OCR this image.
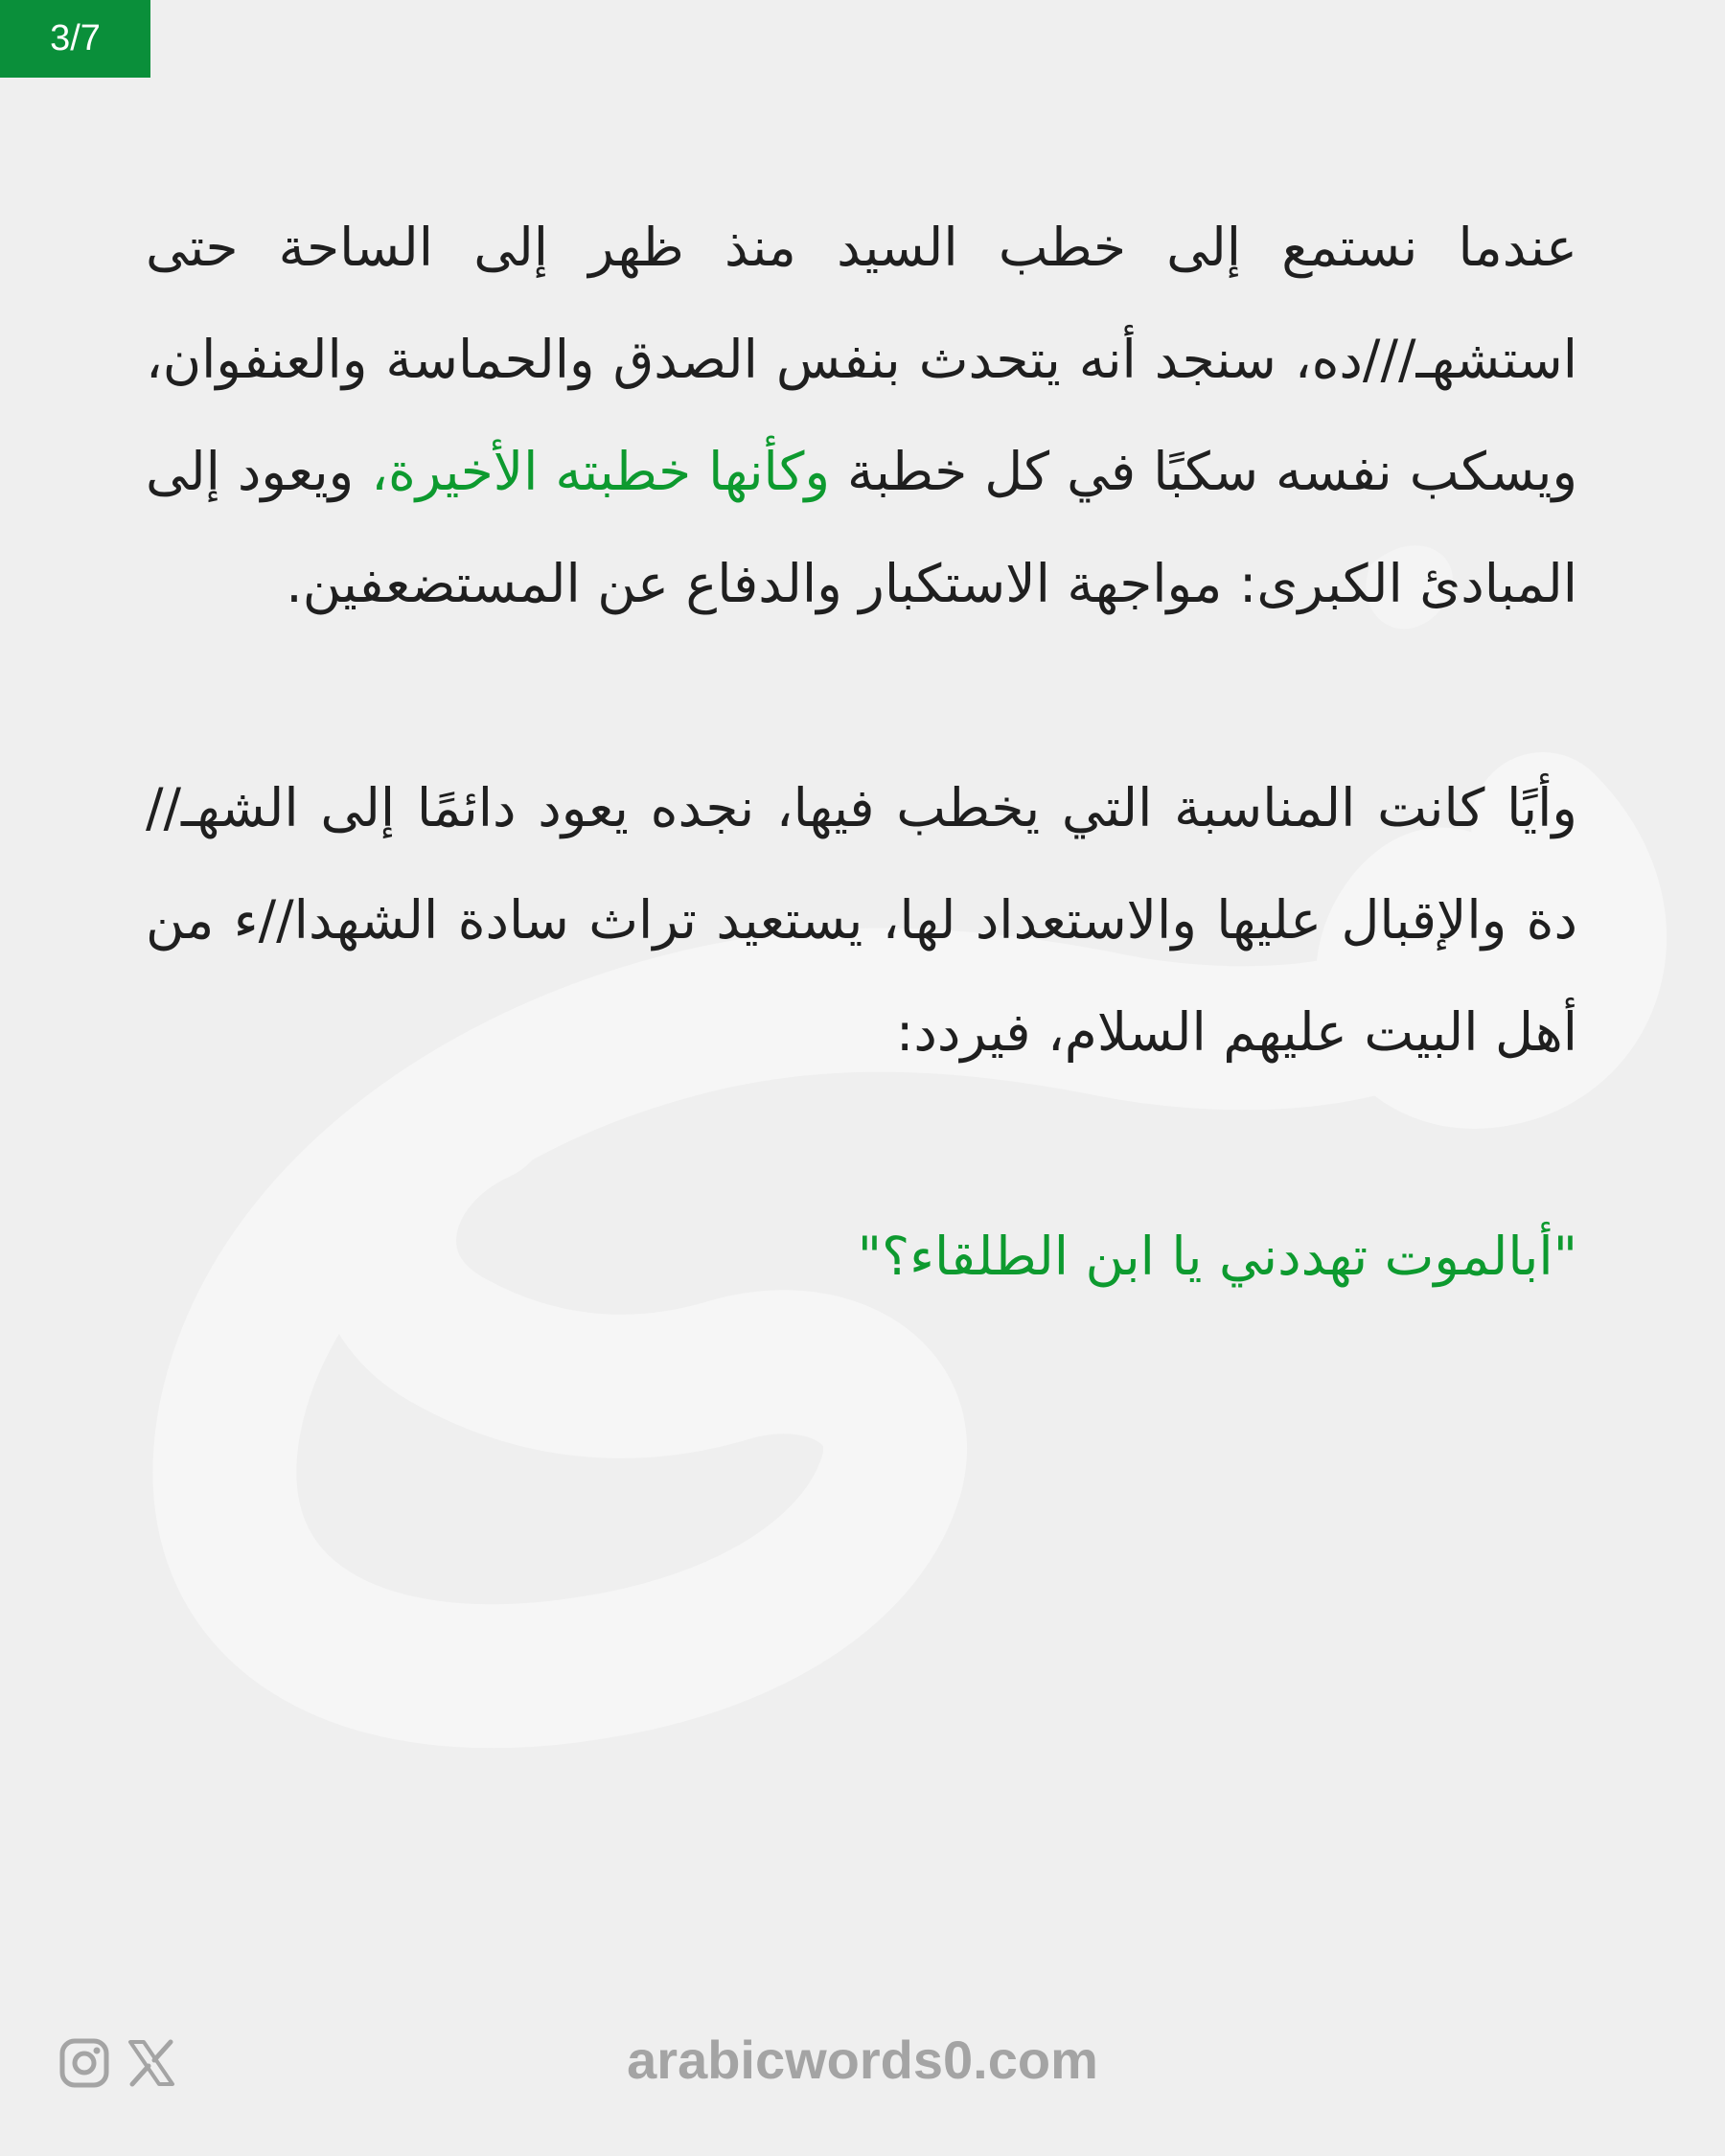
3/7

عندما نستمع إلى خطب السيد منذ ظهر إلى الساحة حتى استشهـ///ده، سنجد أنه يتحدث بنفس الصدق والحماسة والعنفوان، ويسكب نفسه سكبًا في كل خطبة وكأنها خطبته الأخيرة، ويعود إلى المبادئ الكبرى: مواجهة الاستكبار والدفاع عن المستضعفين.

وأيًا كانت المناسبة التي يخطب فيها، نجده يعود دائمًا إلى الشهـ//دة والإقبال عليها والاستعداد لها، يستعيد تراث سادة الشهدا//ء من أهل البيت عليهم السلام، فيردد:

"أبالموت تهددني يا ابن الطلقاء؟"

arabicwords0.com
